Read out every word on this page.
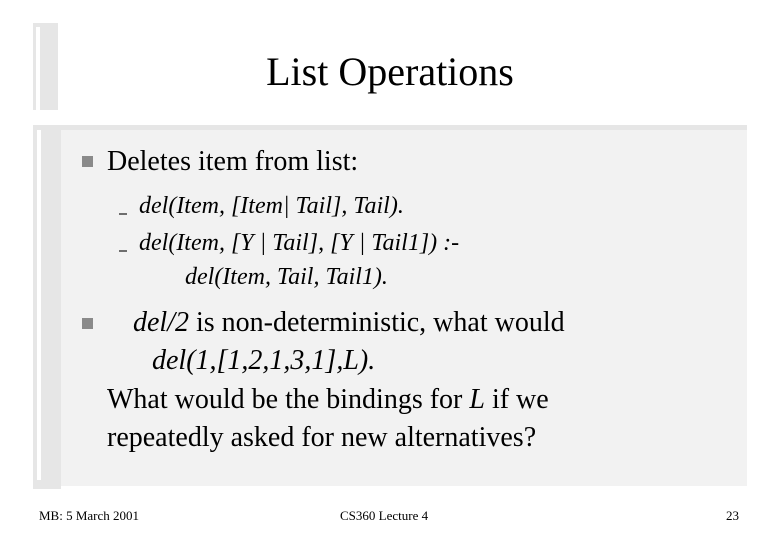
List Operations
Deletes item from list:
del(Item, [Item| Tail], Tail).
del(Item, [Y | Tail], [Y | Tail1]) :-
del(Item, Tail, Tail1).
del/2 is non-deterministic, what would
del(1,[1,2,1,3,1],L).
What would be the bindings for L if we
repeatedly asked for new alternatives?
MB: 5 March 2001	CS360 Lecture 4	23
